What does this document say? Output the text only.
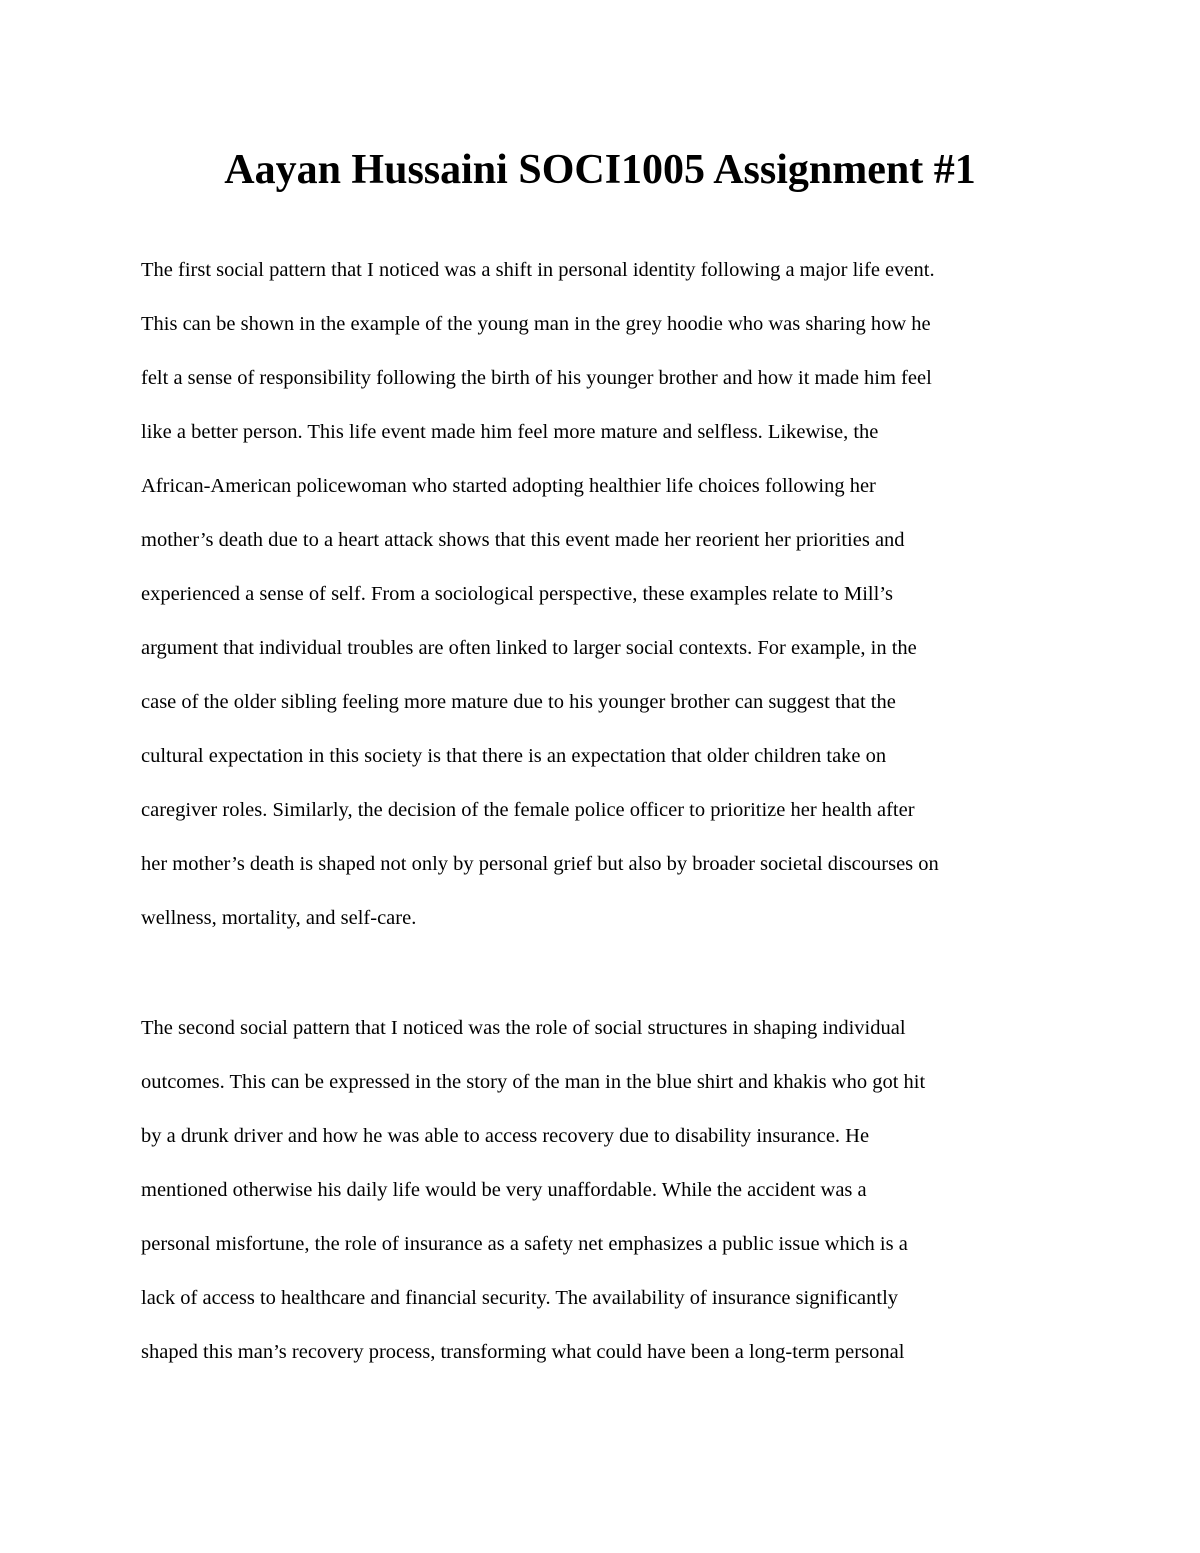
Aayan Hussaini SOCI1005 Assignment #1
The first social pattern that I noticed was a shift in personal identity following a major life event.
This can be shown in the example of the young man in the grey hoodie who was sharing how he
felt a sense of responsibility following the birth of his younger brother and how it made him feel
like a better person. This life event made him feel more mature and selfless. Likewise, the
African-American policewoman who started adopting healthier life choices following her
mother’s death due to a heart attack shows that this event made her reorient her priorities and
experienced a sense of self. From a sociological perspective, these examples relate to Mill’s
argument that individual troubles are often linked to larger social contexts. For example, in the
case of the older sibling feeling more mature due to his younger brother can suggest that the
cultural expectation in this society is that there is an expectation that older children take on
caregiver roles. Similarly, the decision of the female police officer to prioritize her health after
her mother’s death is shaped not only by personal grief but also by broader societal discourses on
wellness, mortality, and self-care.
The second social pattern that I noticed was the role of social structures in shaping individual
outcomes. This can be expressed in the story of the man in the blue shirt and khakis who got hit
by a drunk driver and how he was able to access recovery due to disability insurance. He
mentioned otherwise his daily life would be very unaffordable. While the accident was a
personal misfortune, the role of insurance as a safety net emphasizes a public issue which is a
lack of access to healthcare and financial security. The availability of insurance significantly
shaped this man’s recovery process, transforming what could have been a long-term personal
